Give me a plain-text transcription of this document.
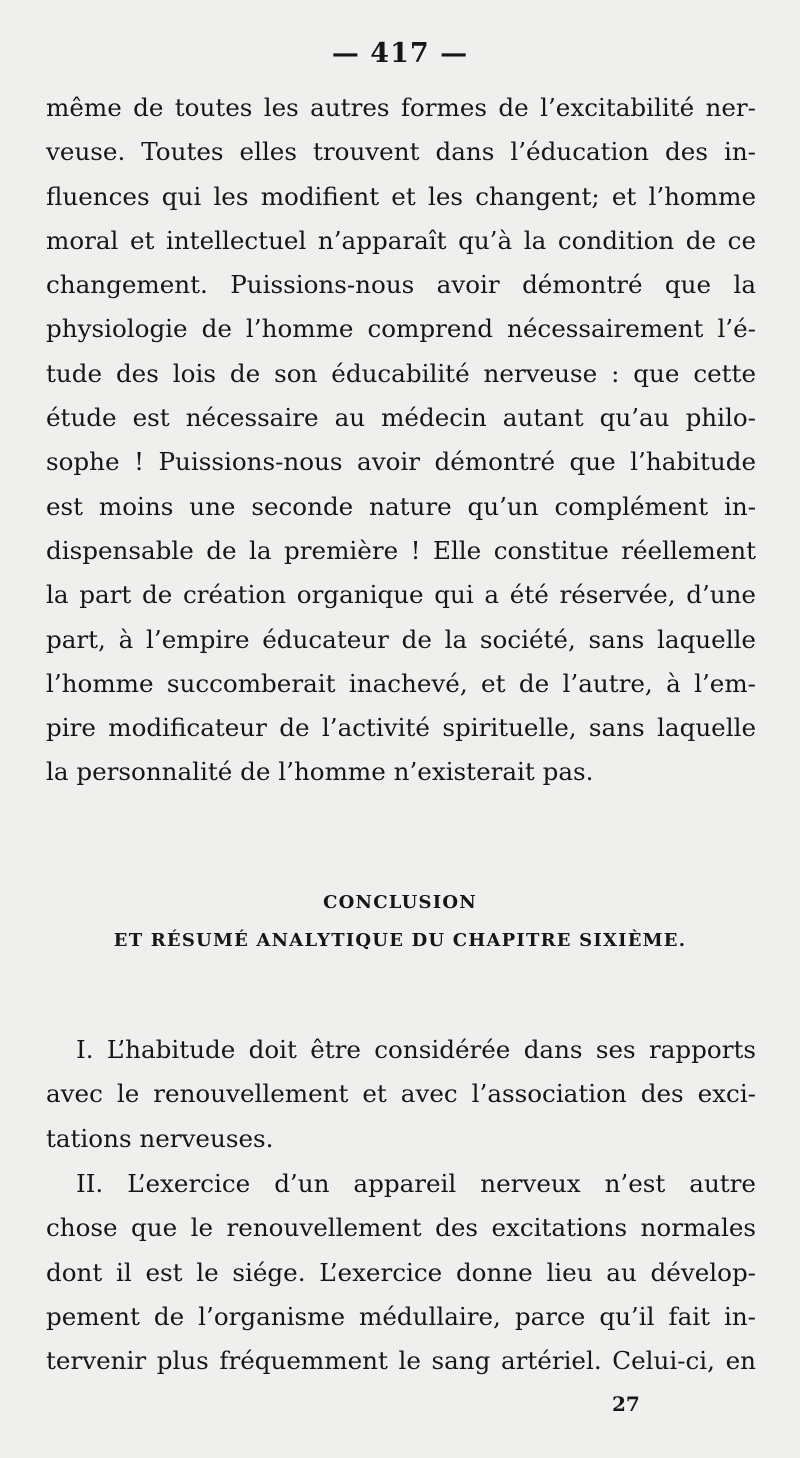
— 417 —
même de toutes les autres formes de l’excitabilité ner-
veuse. Toutes elles trouvent dans l’éducation des in-
fluences qui les modifient et les changent; et l’homme
moral et intellectuel n’apparaît qu’à la condition de ce
changement. Puissions-nous avoir démontré que la
physiologie de l’homme comprend nécessairement l’é-
tude des lois de son éducabilité nerveuse : que cette
étude est nécessaire au médecin autant qu’au philo-
sophe ! Puissions-nous avoir démontré que l’habitude
est moins une seconde nature qu’un complément in-
dispensable de la première ! Elle constitue réellement
la part de création organique qui a été réservée, d’une
part, à l’empire éducateur de la société, sans laquelle
l’homme succomberait inachevé, et de l’autre, à l’em-
pire modificateur de l’activité spirituelle, sans laquelle
la personnalité de l’homme n’existerait pas.
CONCLUSION
ET RÉSUMÉ ANALYTIQUE DU CHAPITRE SIXIÈME.
I. L’habitude doit être considérée dans ses rapports
avec le renouvellement et avec l’association des exci-
tations nerveuses.
II. L’exercice d’un appareil nerveux n’est autre
chose que le renouvellement des excitations normales
dont il est le siége. L’exercice donne lieu au dévelop-
pement de l’organisme médullaire, parce qu’il fait in-
tervenir plus fréquemment le sang artériel. Celui-ci, en
27
